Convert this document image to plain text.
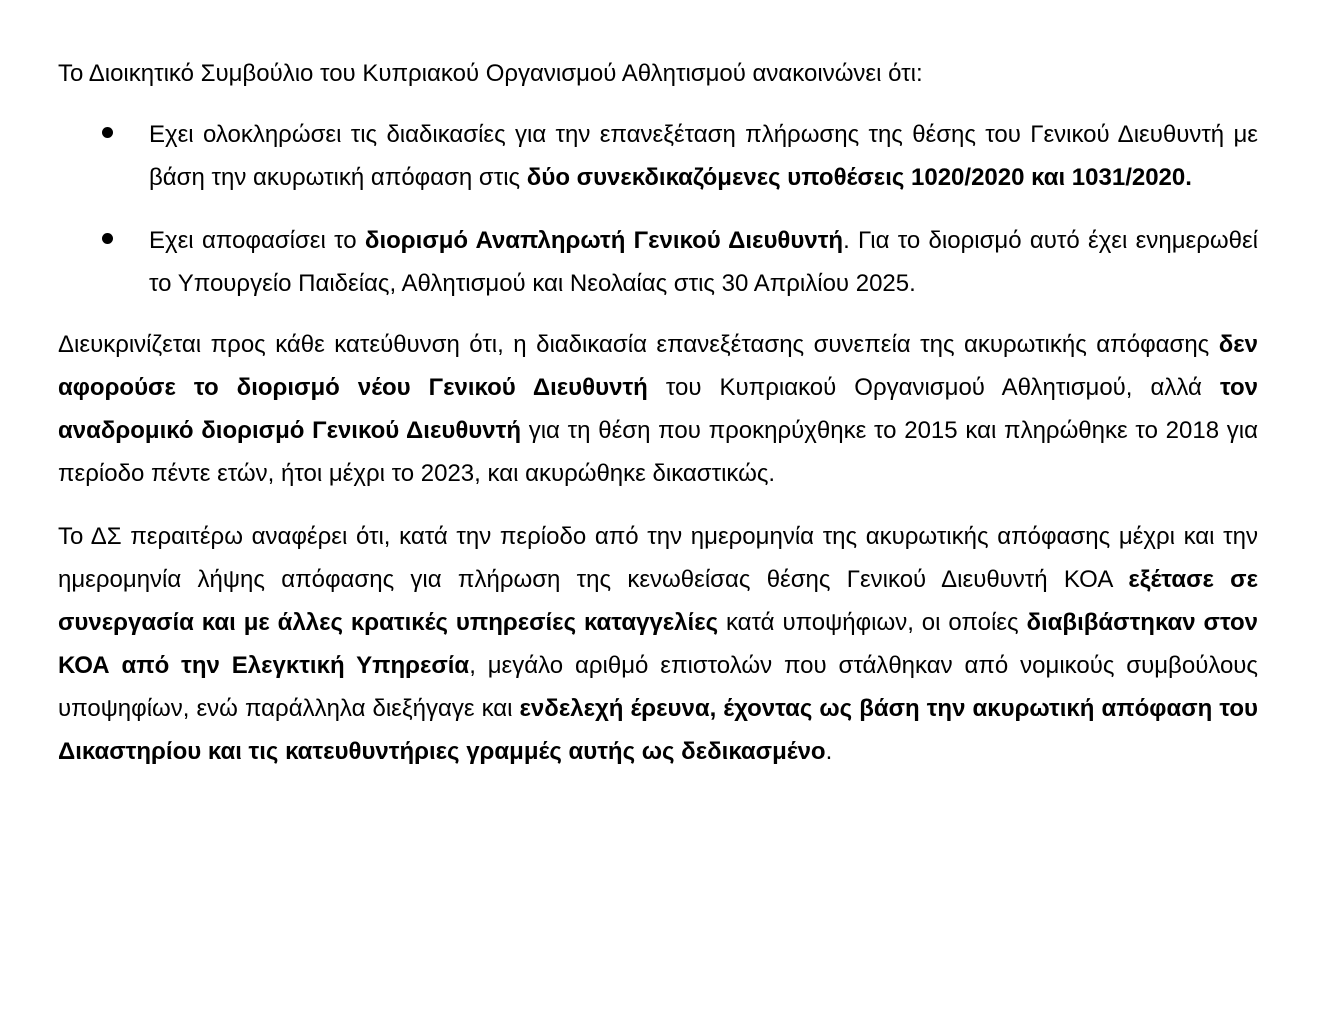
Το Διοικητικό Συμβούλιο του Κυπριακού Οργανισμού Αθλητισμού ανακοινώνει ότι:

Εχει ολοκληρώσει τις διαδικασίες για την επανεξέταση πλήρωσης της θέσης του Γενικού Διευθυντή με βάση την ακυρωτική απόφαση στις δύο συνεκδικαζόμενες υποθέσεις 1020/2020 και 1031/2020.

Εχει αποφασίσει το διορισμό Αναπληρωτή Γενικού Διευθυντή. Για το διορισμό αυτό έχει ενημερωθεί το Υπουργείο Παιδείας, Αθλητισμού και Νεολαίας στις 30 Απριλίου 2025.

Διευκρινίζεται προς κάθε κατεύθυνση ότι, η διαδικασία επανεξέτασης συνεπεία της ακυρωτικής απόφασης δεν αφορούσε το διορισμό νέου Γενικού Διευθυντή του Κυπριακού Οργανισμού Αθλητισμού, αλλά τον αναδρομικό διορισμό Γενικού Διευθυντή για τη θέση που προκηρύχθηκε το 2015 και πληρώθηκε το 2018 για περίοδο πέντε ετών, ήτοι μέχρι το 2023, και ακυρώθηκε δικαστικώς.

Το ΔΣ περαιτέρω αναφέρει ότι, κατά την περίοδο από την ημερομηνία της ακυρωτικής απόφασης μέχρι και την ημερομηνία λήψης απόφασης για πλήρωση της κενωθείσας θέσης Γενικού Διευθυντή ΚΟΑ εξέτασε σε συνεργασία και με άλλες κρατικές υπηρεσίες καταγγελίες κατά υποψήφιων, οι οποίες διαβιβάστηκαν στον ΚΟΑ από την Ελεγκτική Υπηρεσία, μεγάλο αριθμό επιστολών που στάλθηκαν από νομικούς συμβούλους υποψηφίων, ενώ παράλληλα διεξήγαγε και ενδελεχή έρευνα, έχοντας ως βάση την ακυρωτική απόφαση του Δικαστηρίου και τις κατευθυντήριες γραμμές αυτής ως δεδικασμένο.
